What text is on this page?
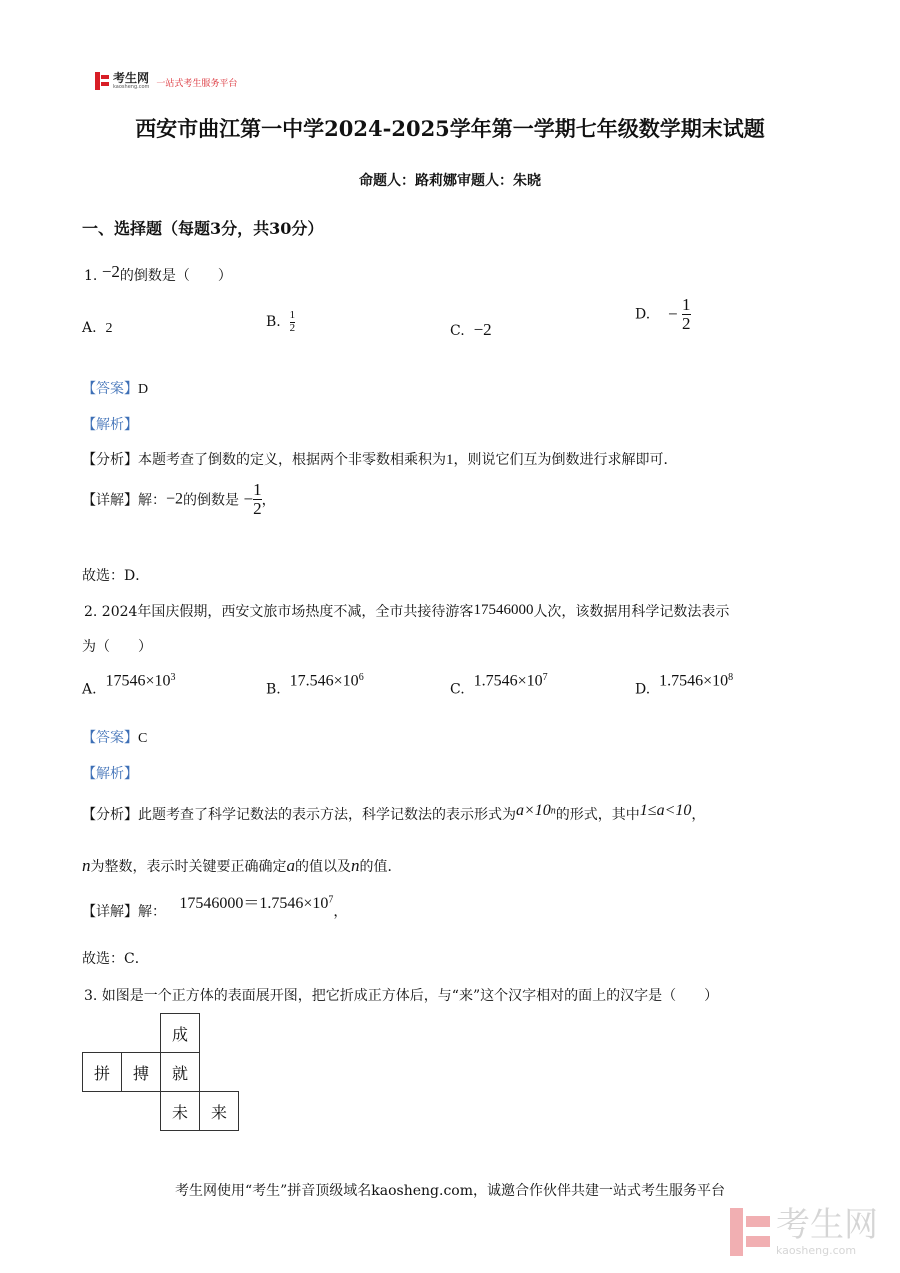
考生网
kaosheng.com 一站式考生服务平台
西安市曲江第一中学2024-2025学年第一学期七年级数学期末试题
命题人：路莉娜审题人：朱晓
一、选择题（每题3分，共30分）
1. −2的倒数是（　　）
A. 2	B. $\frac{1}{2}$	C. −2
D. − $\frac{1}{2}$
【答案】D
【解析】
【分析】本题考查了倒数的定义，根据两个非零数相乘积为1，则说它们互为倒数进行求解即可．
【详解】解：−2的倒数是 − $\frac{1}{2}$ ，
故选：D．
2. 2024年国庆假期，西安文旅市场热度不减，全市共接待游客17546000人次，该数据用科学记数法表示
为（　　）
A. $17546\times 10^3$
B. $17.546\times 10^6$
C. $1.7546\times 10^7$
D. $1.7546\times 10^8$
【答案】C
【解析】
【分析】此题考查了科学记数法的表示方法，科学记数法的表示形式为$a\times 10^n$的形式，其中1≤a<10，
n为整数，表示时关键要正确确定a的值以及n的值．
【详解】解： $17546000=1.7546\times 10^7$，
故选：C．
3. 如图是一个正方体的表面展开图，把它折成正方体后，与“来”这个汉字相对的面上的汉字是（　　）
		成	
拼	搏	就	
		未	来
考生网使用“考生”拼音顶级域名kaosheng.com，诚邀合作伙伴共建一站式考生服务平台
考生网
kaosheng.com
